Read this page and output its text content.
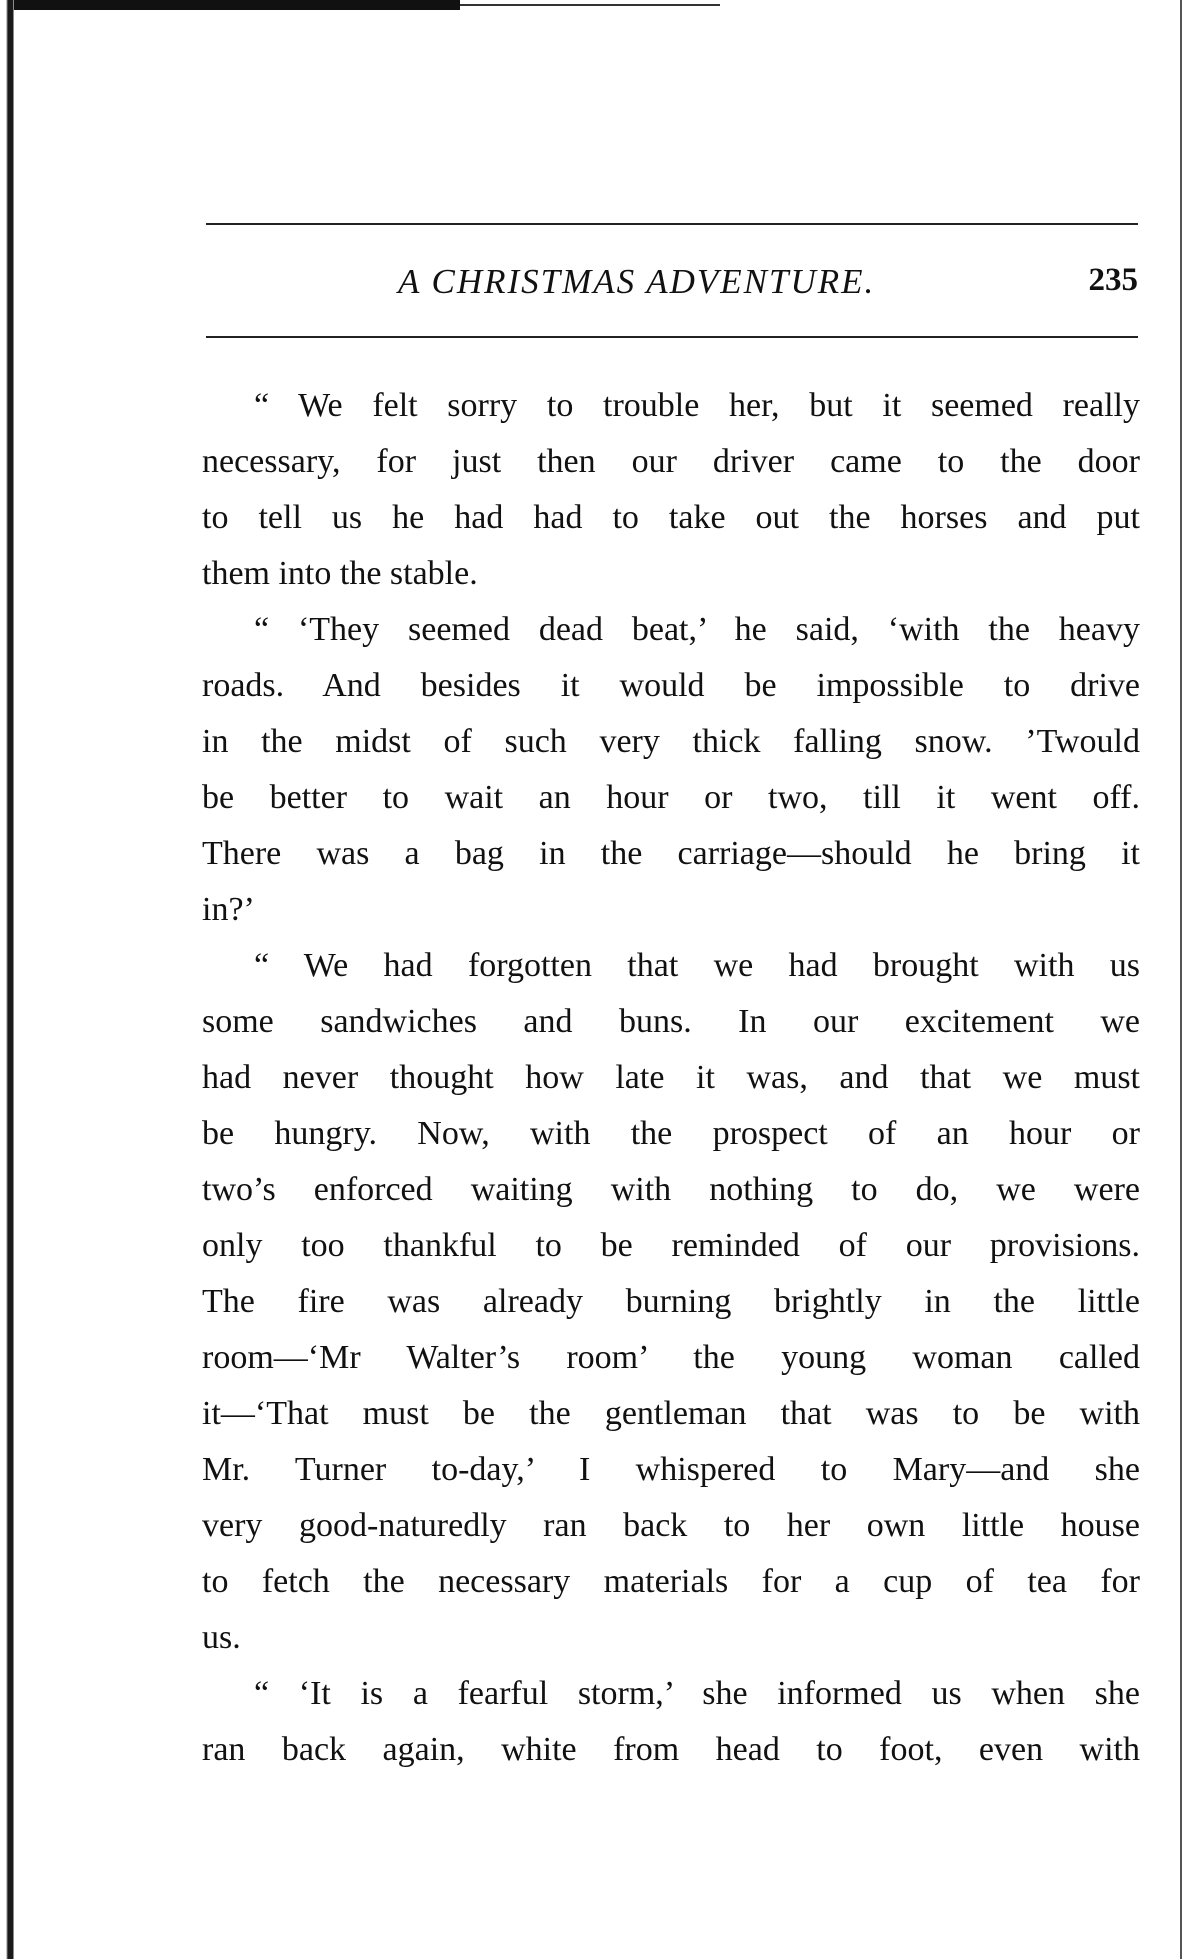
A CHRISTMAS ADVENTURE.	235
“ We felt sorry to trouble her, but it seemed really
necessary, for just then our driver came to the door
to tell us he had had to take out the horses and put
them into the stable.
“ ‘They seemed dead beat,’ he said, ‘with the heavy
roads. And besides it would be impossible to drive
in the midst of such very thick falling snow. ’Twould
be better to wait an hour or two, till it went off.
There was a bag in the carriage—should he bring it
in?’
“ We had forgotten that we had brought with us
some sandwiches and buns. In our excitement we
had never thought how late it was, and that we must
be hungry. Now, with the prospect of an hour or
two’s enforced waiting with nothing to do, we were
only too thankful to be reminded of our provisions.
The fire was already burning brightly in the little
room—‘Mr Walter’s room’ the young woman called
it—‘That must be the gentleman that was to be with
Mr. Turner to-day,’ I whispered to Mary—and she
very good-naturedly ran back to her own little house
to fetch the necessary materials for a cup of tea for
us.
“ ‘It is a fearful storm,’ she informed us when she
ran back again, white from head to foot, even with
